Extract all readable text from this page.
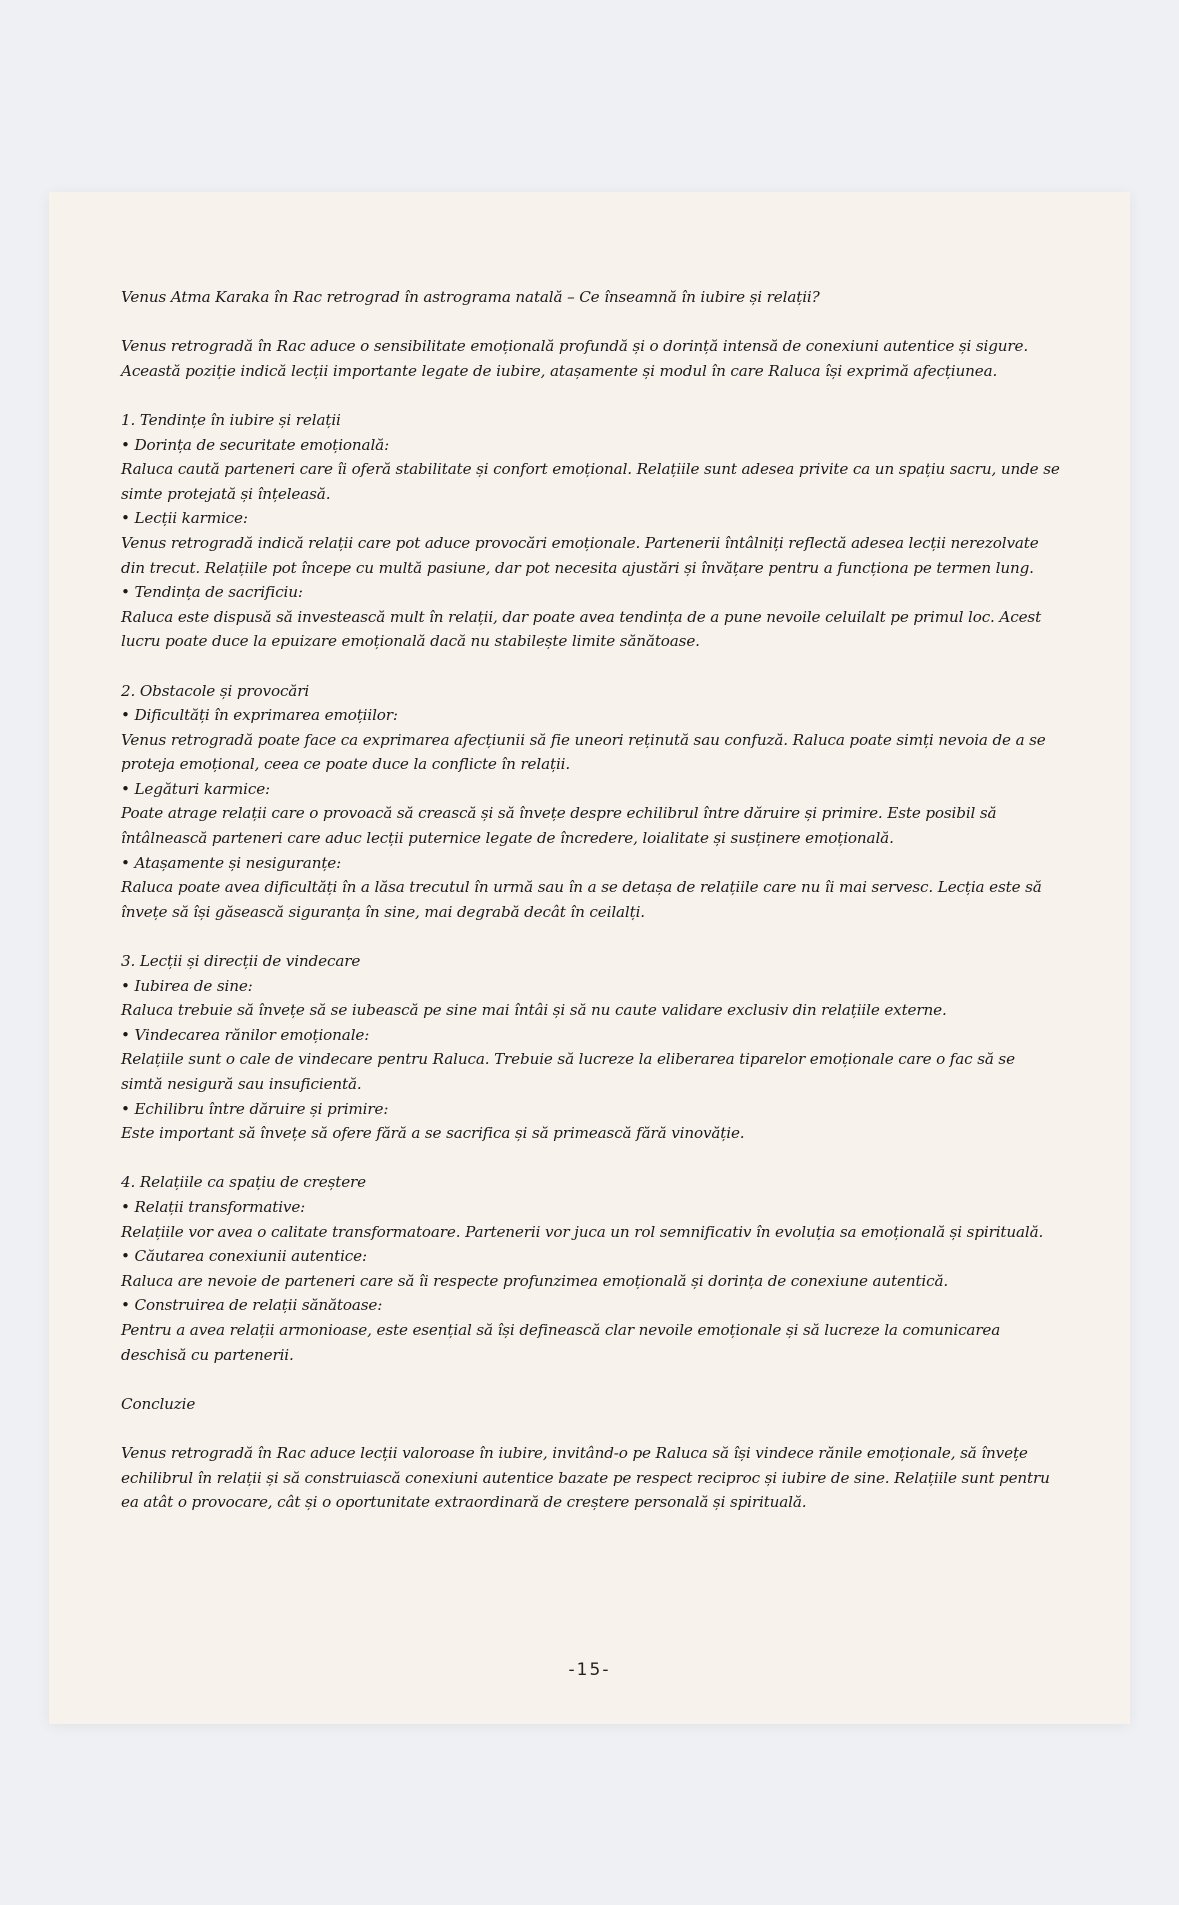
Venus Atma Karaka în Rac retrograd în astrograma natală – Ce înseamnă în iubire și relații?

Venus retrogradă în Rac aduce o sensibilitate emoțională profundă și o dorință intensă de conexiuni autentice și sigure. Această poziție indică lecții importante legate de iubire, atașamente și modul în care Raluca își exprimă afecțiunea.

1. Tendințe în iubire și relații

• Dorința de securitate emoțională:

Raluca caută parteneri care îi oferă stabilitate și confort emoțional. Relațiile sunt adesea privite ca un spațiu sacru, unde se simte protejată și înțeleasă.

• Lecții karmice:

Venus retrogradă indică relații care pot aduce provocări emoționale. Partenerii întâlniți reflectă adesea lecții nerezolvate din trecut. Relațiile pot începe cu multă pasiune, dar pot necesita ajustări și învățare pentru a funcționa pe termen lung.

• Tendința de sacrificiu:

Raluca este dispusă să investească mult în relații, dar poate avea tendința de a pune nevoile celuilalt pe primul loc. Acest lucru poate duce la epuizare emoțională dacă nu stabilește limite sănătoase.

2. Obstacole și provocări

• Dificultăți în exprimarea emoțiilor:

Venus retrogradă poate face ca exprimarea afecțiunii să fie uneori reținută sau confuză. Raluca poate simți nevoia de a se proteja emoțional, ceea ce poate duce la conflicte în relații.

• Legături karmice:

Poate atrage relații care o provoacă să crească și să învețe despre echilibrul între dăruire și primire. Este posibil să întâlnească parteneri care aduc lecții puternice legate de încredere, loialitate și susținere emoțională.

• Atașamente și nesiguranțe:

Raluca poate avea dificultăți în a lăsa trecutul în urmă sau în a se detașa de relațiile care nu îi mai servesc. Lecția este să învețe să își găsească siguranța în sine, mai degrabă decât în ceilalți.

3. Lecții și direcții de vindecare

• Iubirea de sine:

Raluca trebuie să învețe să se iubească pe sine mai întâi și să nu caute validare exclusiv din relațiile externe.

• Vindecarea rănilor emoționale:

Relațiile sunt o cale de vindecare pentru Raluca. Trebuie să lucreze la eliberarea tiparelor emoționale care o fac să se simtă nesigură sau insuficientă.

• Echilibru între dăruire și primire:

Este important să învețe să ofere fără a se sacrifica și să primească fără vinovăție.

4. Relațiile ca spațiu de creștere

• Relații transformative:

Relațiile vor avea o calitate transformatoare. Partenerii vor juca un rol semnificativ în evoluția sa emoțională și spirituală.

• Căutarea conexiunii autentice:

Raluca are nevoie de parteneri care să îi respecte profunzimea emoțională și dorința de conexiune autentică.

• Construirea de relații sănătoase:

Pentru a avea relații armonioase, este esențial să își definească clar nevoile emoționale și să lucreze la comunicarea deschisă cu partenerii.

Concluzie

Venus retrogradă în Rac aduce lecții valoroase în iubire, invitând-o pe Raluca să își vindece rănile emoționale, să învețe echilibrul în relații și să construiască conexiuni autentice bazate pe respect reciproc și iubire de sine. Relațiile sunt pentru ea atât o provocare, cât și o oportunitate extraordinară de creștere personală și spirituală.

-15-
